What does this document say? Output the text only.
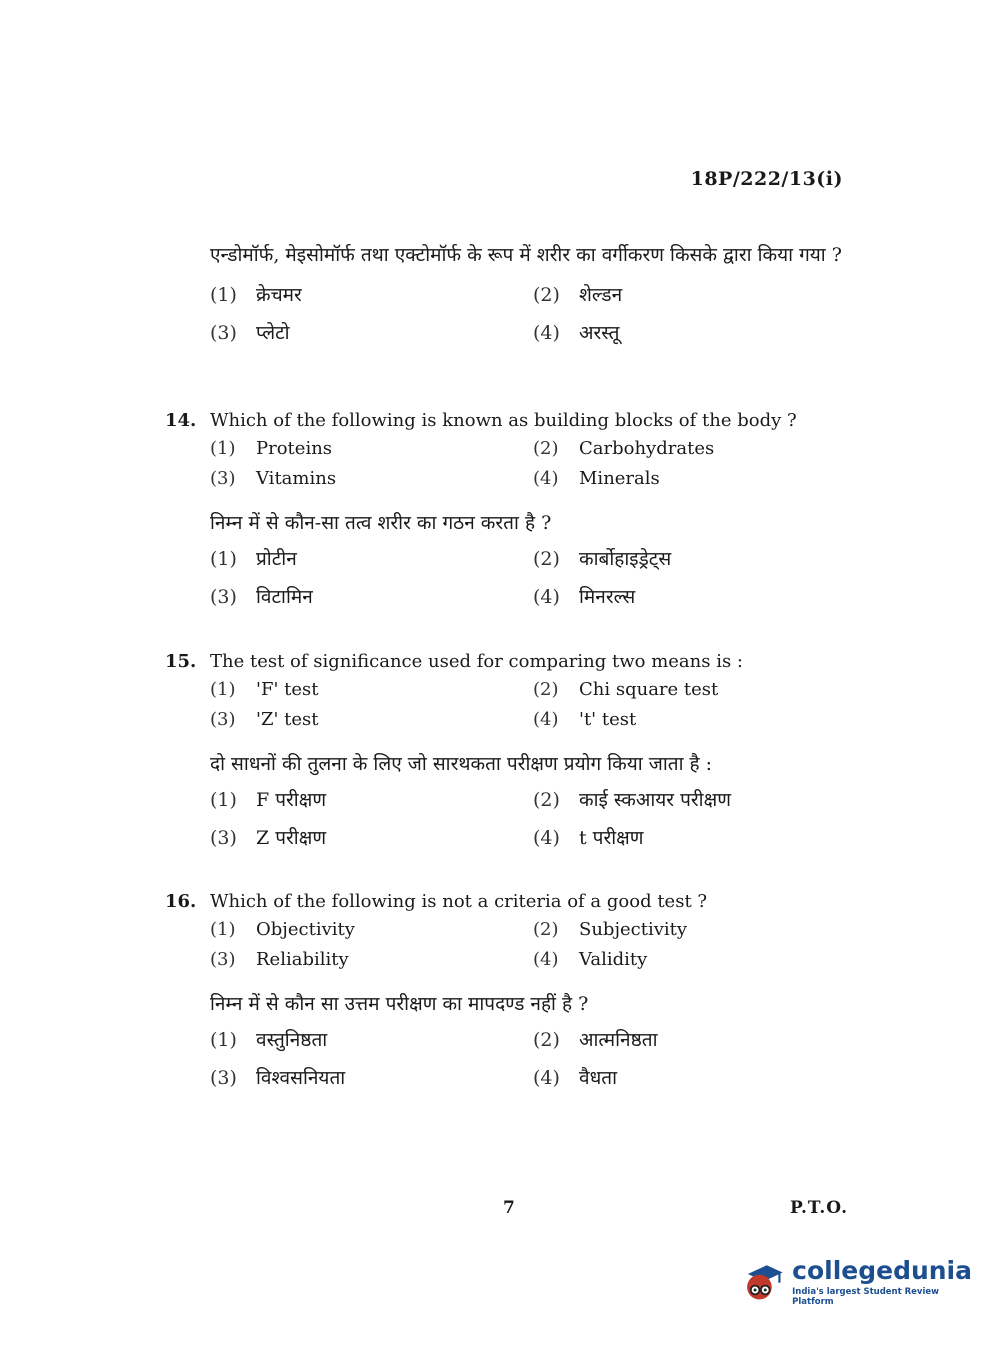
18P/222/13(i)
एन्डोमॉर्फ, मेइसोमॉर्फ तथा एक्टोमॉर्फ के रूप में शरीर का वर्गीकरण किसके द्वारा किया गया ?
(1)	क्रेचमर	(2)	शेल्डन
(3)	प्लेटो	(4)	अरस्तू
14. Which of the following is known as building blocks of the body ?
(1)	Proteins	(2)	Carbohydrates
(3)	Vitamins	(4)	Minerals
निम्न में से कौन-सा तत्व शरीर का गठन करता है ?
(1)	प्रोटीन	(2)	कार्बोहाइड्रेट्स
(3)	विटामिन	(4)	मिनरल्स
15. The test of significance used for comparing two means is :
(1)	'F' test	(2)	Chi square test
(3)	'Z' test	(4)	't' test
दो साधनों की तुलना के लिए जो सारथकता परीक्षण प्रयोग किया जाता है :
(1)	F परीक्षण	(2)	काई स्कआयर परीक्षण
(3)	Z परीक्षण	(4)	t परीक्षण
16. Which of the following is not a criteria of a good test ?
(1)	Objectivity	(2)	Subjectivity
(3)	Reliability	(4)	Validity
निम्न में से कौन सा उत्तम परीक्षण का मापदण्ड नहीं है ?
(1)	वस्तुनिष्ठता	(2)	आत्मनिष्ठता
(3)	विश्वसनियता	(4)	वैधता
7	P.T.O.
collegedunia
India's largest Student Review Platform
